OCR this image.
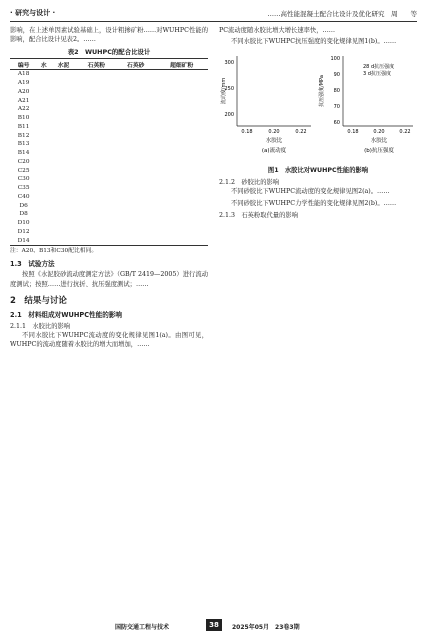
· 研究与设计 ·	……高性能混凝土配合比设计及优化研究　周　　等

影响，在上述单因素试验基础上，设计粗掺矿粉……对WUHPC性能的影响，配合比设计见表2。……

表2　WUHPC的配合比设计
编号	水	水泥	石英粉	石英砂	超细矿粉
A18					
A19					
A20					
A21					
A22					
B10					
B11					
B12					
B13					
B14					
C20					
C25					
C30					
C35					
C40					
D6					
D8					
D10					
D12					
D14					

注：A20、B13和C30配比相同。

1.3　试验方法

按照《水泥胶砂流动度测定方法》（GB/T 2419—2005）进行流动度测试；按照……进行抗折、抗压强度测试；……

2　结果与讨论
2.1　材料组成对WUHPC性能的影响
2.1.1　水胶比的影响

不同水胶比下WUHPC流动度的变化规律见图1(a)。由图可见，WUHPC的流动度随着水胶比的增大而增加，……

PC流动度随水胶比增大增长速率快，……

不同水胶比下WUHPC抗压强度的变化规律见图1(b)。……

200
250
300
0.18	0.20	0.22
流动度/mm
水胶比
(a)流动度
60
70
80
90
100
0.18	0.20	0.22
28 d抗压强度
3 d抗压强度
抗压强度/MPa
水胶比
(b)抗压强度
图1　水胶比对WUHPC性能的影响
2.1.2　砂胶比的影响

不同砂胶比下WUHPC流动度的变化规律见图2(a)。……

不同砂胶比下WUHPC力学性能的变化规律见图2(b)。……

2.1.3　石英粉取代量的影响
国防交通工程与技术	38	2025年05月　23卷3期
